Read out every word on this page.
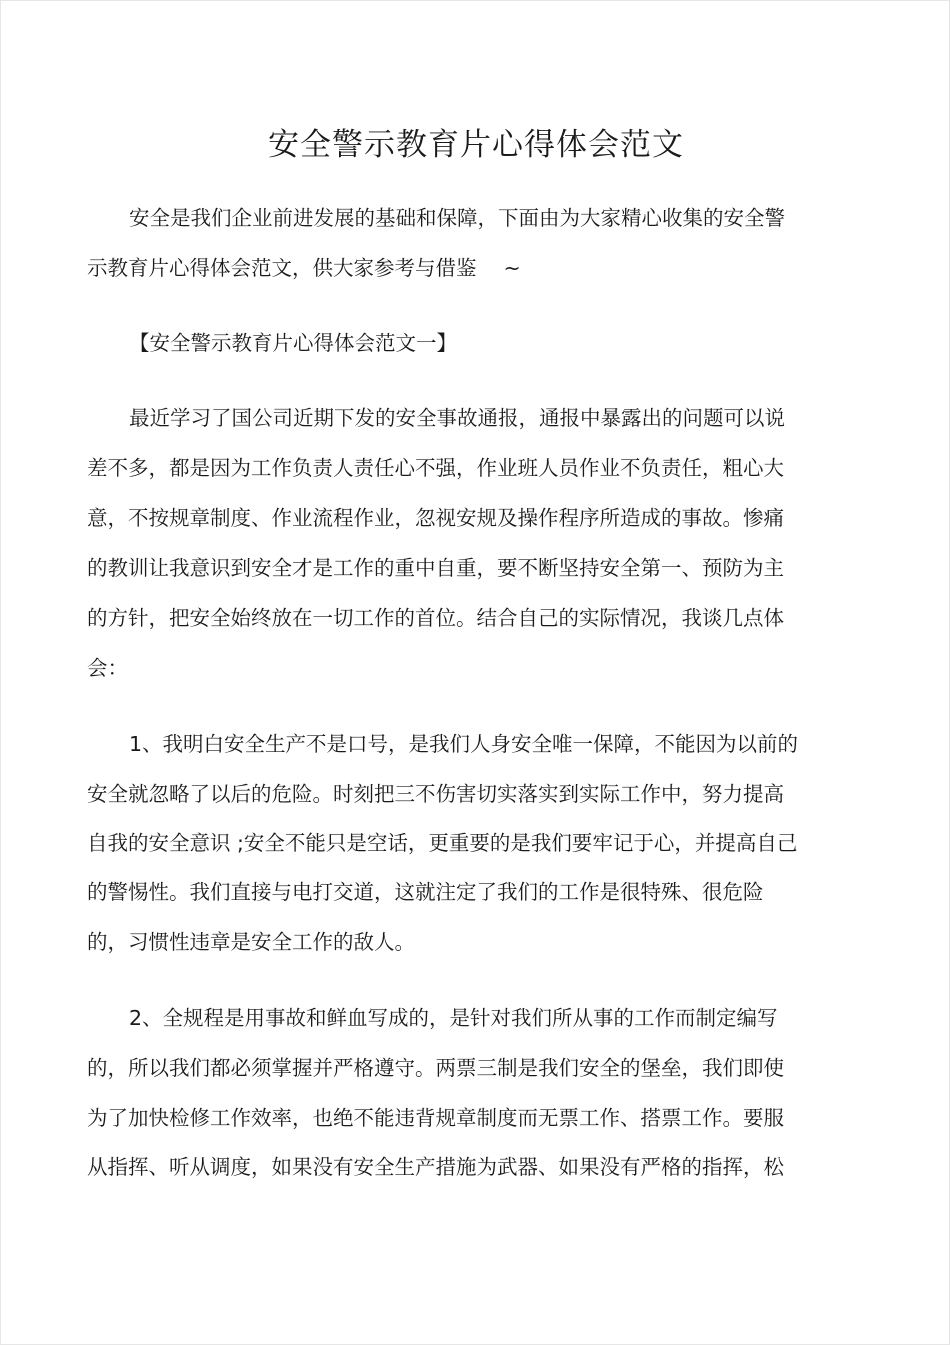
安全警示教育片心得体会范文

安全是我们企业前进发展的基础和保障，下面由为大家精心收集的安全警

示教育片心得体会范文，供大家参考与借鉴　 ~

【安全警示教育片心得体会范文一】

最近学习了国公司近期下发的安全事故通报，通报中暴露出的问题可以说

差不多，都是因为工作负责人责任心不强，作业班人员作业不负责任，粗心大

意，不按规章制度、作业流程作业，忽视安规及操作程序所造成的事故。惨痛

的教训让我意识到安全才是工作的重中自重，要不断坚持安全第一、预防为主

的方针，把安全始终放在一切工作的首位。结合自己的实际情况，我谈几点体

会：

1、我明白安全生产不是口号，是我们人身安全唯一保障，不能因为以前的

安全就忽略了以后的危险。时刻把三不伤害切实落实到实际工作中，努力提高

自我的安全意识 ;安全不能只是空话，更重要的是我们要牢记于心，并提高自己

的警惕性。我们直接与电打交道，这就注定了我们的工作是很特殊、很危险

的，习惯性违章是安全工作的敌人。

2、全规程是用事故和鲜血写成的，是针对我们所从事的工作而制定编写

的，所以我们都必须掌握并严格遵守。两票三制是我们安全的堡垒，我们即使

为了加快检修工作效率，也绝不能违背规章制度而无票工作、搭票工作。要服

从指挥、听从调度，如果没有安全生产措施为武器、如果没有严格的指挥，松
